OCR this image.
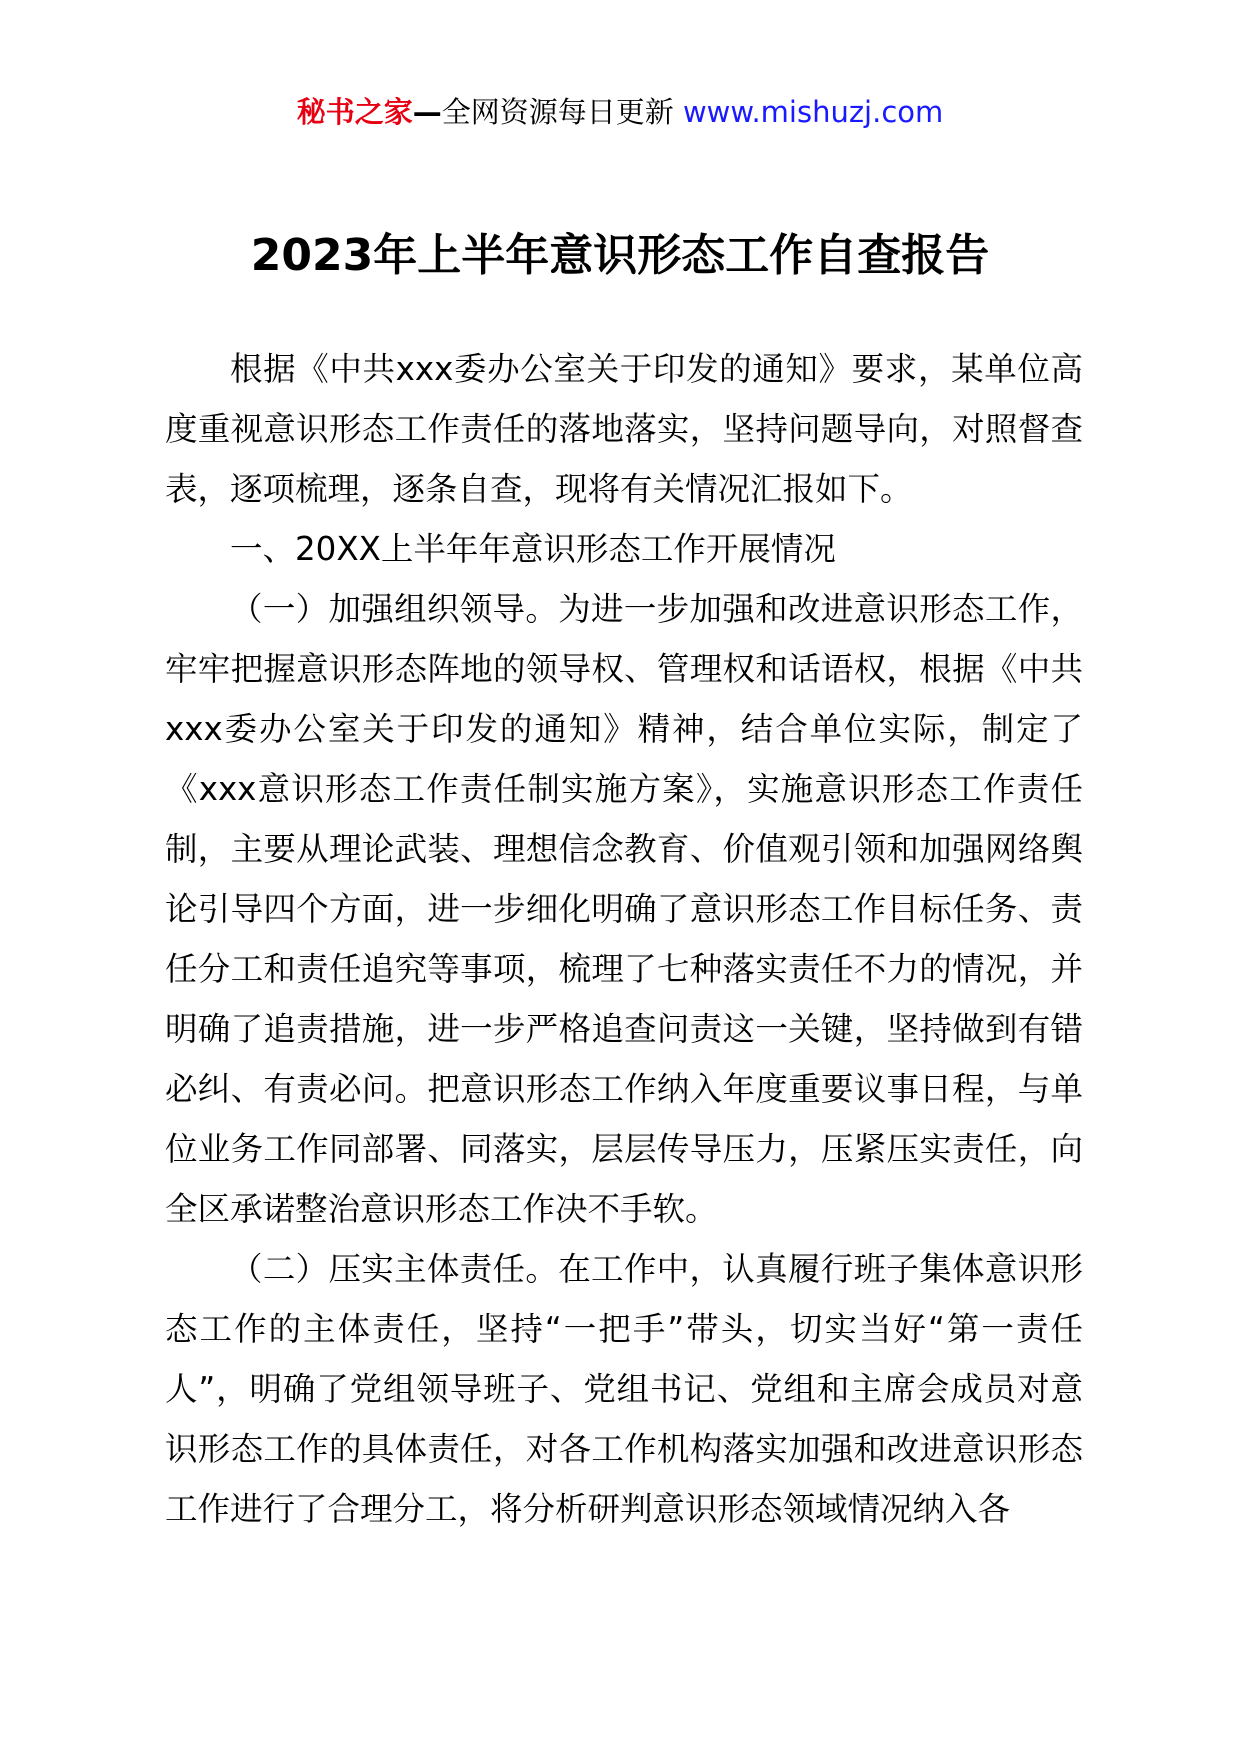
秘书之家—全网资源每日更新 www.mishuzj.com
2023年上半年意识形态工作自查报告

根据《中共xxx委办公室关于印发的通知》要求，某单位高度重视意识形态工作责任的落地落实，坚持问题导向，对照督查表，逐项梳理，逐条自查，现将有关情况汇报如下。

一、20XX上半年年意识形态工作开展情况

（一）加强组织领导。为进一步加强和改进意识形态工作，牢牢把握意识形态阵地的领导权、管理权和话语权，根据《中共xxx委办公室关于印发的通知》精神，结合单位实际，制定了《xxx意识形态工作责任制实施方案》，实施意识形态工作责任制，主要从理论武装、理想信念教育、价值观引领和加强网络舆论引导四个方面，进一步细化明确了意识形态工作目标任务、责任分工和责任追究等事项，梳理了七种落实责任不力的情况，并明确了追责措施，进一步严格追查问责这一关键，坚持做到有错必纠、有责必问。把意识形态工作纳入年度重要议事日程，与单位业务工作同部署、同落实，层层传导压力，压紧压实责任，向全区承诺整治意识形态工作决不手软。

（二）压实主体责任。在工作中，认真履行班子集体意识形态工作的主体责任，坚持“一把手”带头，切实当好“第一责任人”，明确了党组领导班子、党组书记、党组和主席会成员对意识形态工作的具体责任，对各工作机构落实加强和改进意识形态工作进行了合理分工，将分析研判意识形态领域情况纳入各
